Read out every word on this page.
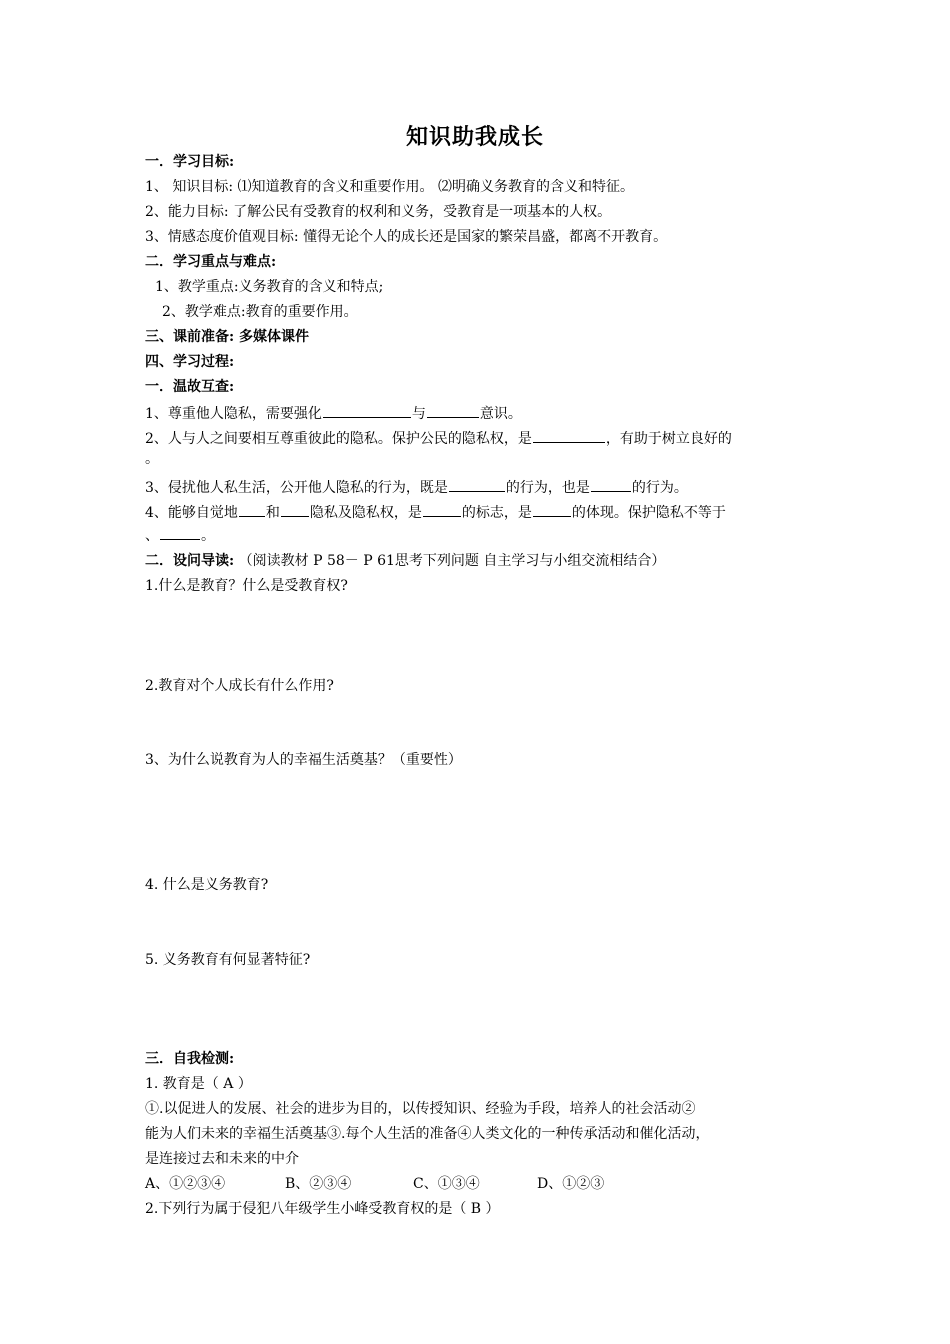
知识助我成长
一．学习目标:
1、 知识目标: ⑴知道教育的含义和重要作用。 ⑵明确义务教育的含义和特征。
2、能力目标: 了解公民有受教育的权利和义务，受教育是一项基本的人权。
3、情感态度价值观目标: 懂得无论个人的成长还是国家的繁荣昌盛，都离不开教育。
二．学习重点与难点:
1、教学重点:义务教育的含义和特点;
2、教学难点:教育的重要作用。
三、课前准备: 多媒体课件
四、学习过程:
一．温故互查:
1、尊重他人隐私，需要强化	与	意识。
2、人与人之间要相互尊重彼此的隐私。保护公民的隐私权，是	，有助于树立良好的
。
3、侵扰他人私生活，公开他人隐私的行为，既是	的行为，也是	的行为。
4、能够自觉地 和 隐私及隐私权，是	的标志，是	的体现。保护隐私不等于
、	。
二．设问导读: （阅读教材 P 58－ P 61思考下列问题 自主学习与小组交流相结合）
1.什么是教育？什么是受教育权?
2.教育对个人成长有什么作用?
3、为什么说教育为人的幸福生活奠基？（重要性）
4. 什么是义务教育?
5. 义务教育有何显著特征?
三．自我检测:
1. 教育是（ A ）
①.以促进人的发展、社会的进步为目的，以传授知识、经验为手段，培养人的社会活动②
能为人们未来的幸福生活奠基③.每个人生活的准备④人类文化的一种传承活动和催化活动，
是连接过去和未来的中介
A、①②③④	B、②③④	C、①③④	D、①②③
2.下列行为属于侵犯八年级学生小峰受教育权的是（ B ）
